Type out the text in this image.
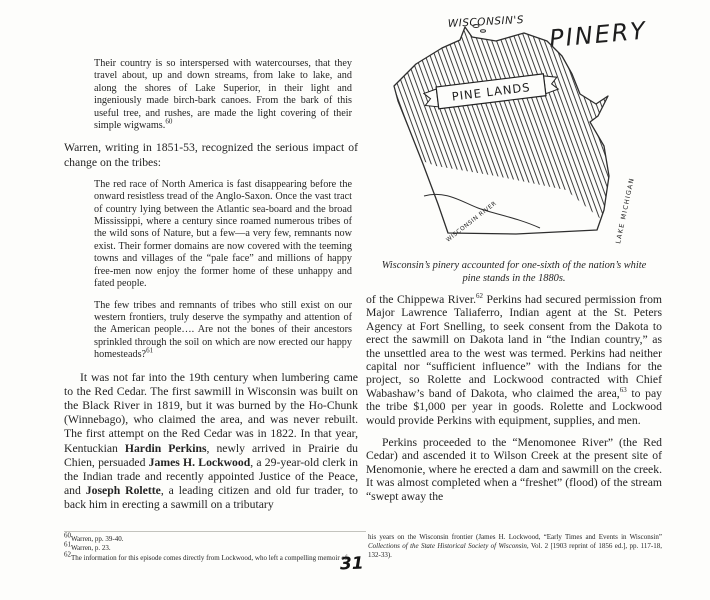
Their country is so interspersed with watercourses, that they travel about, up and down streams, from lake to lake, and along the shores of Lake Superior, in their light and ingeniously made birch-bark canoes. From the bark of this useful tree, and rushes, are made the light covering of their simple wigwams.$^{60}$

Warren, writing in 1851-53, recognized the serious impact of change on the tribes:

The red race of North America is fast disappearing before the onward resistless tread of the Anglo-Saxon. Once the vast tract of country lying between the Atlantic sea-board and the broad Mississippi, where a century since roamed numerous tribes of the wild sons of Nature, but a few—a very few, remnants now exist. Their former domains are now covered with the teeming towns and villages of the “pale face” and millions of happy free-men now enjoy the former home of these unhappy and fated people.

The few tribes and remnants of tribes who still exist on our western frontiers, truly deserve the sympathy and attention of the American people…. Are not the bones of their ancestors sprinkled through the soil on which are now erected our happy homesteads?$^{61}$

It was not far into the 19th century when lumbering came to the Red Cedar. The first sawmill in Wisconsin was built on the Black River in 1819, but it was burned by the Ho-Chunk (Winnebago), who claimed the area, and was never rebuilt. The first attempt on the Red Cedar was in 1822. In that year, Kentuckian Hardin Perkins, newly arrived in Prairie du Chien, persuaded James H. Lockwood, a 29-year-old clerk in the Indian trade and recently appointed Justice of the Peace, and Joseph Rolette, a leading citizen and old fur trader, to back him in erecting a sawmill on a tributary

WISCONSIN'S PINERY
PINE LANDS
WISCONSIN RIVER	LAKE MICHIGAN

Wisconsin’s pinery accounted for one-sixth of the nation’s white pine stands in the 1880s.

of the Chippewa River.$^{62}$ Perkins had secured permission from Major Lawrence Taliaferro, Indian agent at the St. Peters Agency at Fort Snelling, to seek consent from the Dakota to erect the sawmill on Dakota land in “the Indian country,” as the unsettled area to the west was termed. Perkins had neither capital nor “sufficient influence” with the Indians for the project, so Rolette and Lockwood contracted with Chief Wabashaw’s band of Dakota, who claimed the area,$^{63}$ to pay the tribe $1,000 per year in goods. Rolette and Lockwood would provide Perkins with equipment, supplies, and men.

Perkins proceeded to the “Menomonee River” (the Red Cedar) and ascended it to Wilson Creek at the present site of Menomonie, where he erected a dam and sawmill on the creek. It was almost completed when a “freshet” (flood) of the stream “swept away the

$^{60}$Warren, pp. 39-40.
$^{61}$Warren, p. 23.
$^{62}$The information for this episode comes directly from Lockwood, who left a compelling memoir of
his years on the Wisconsin frontier (James H. Lockwood, “Early Times and Events in Wisconsin” Collections of the State Historical Society of Wisconsin, Vol. 2 [1903 reprint of 1856 ed.], pp. 117-18, 132-33).
31
